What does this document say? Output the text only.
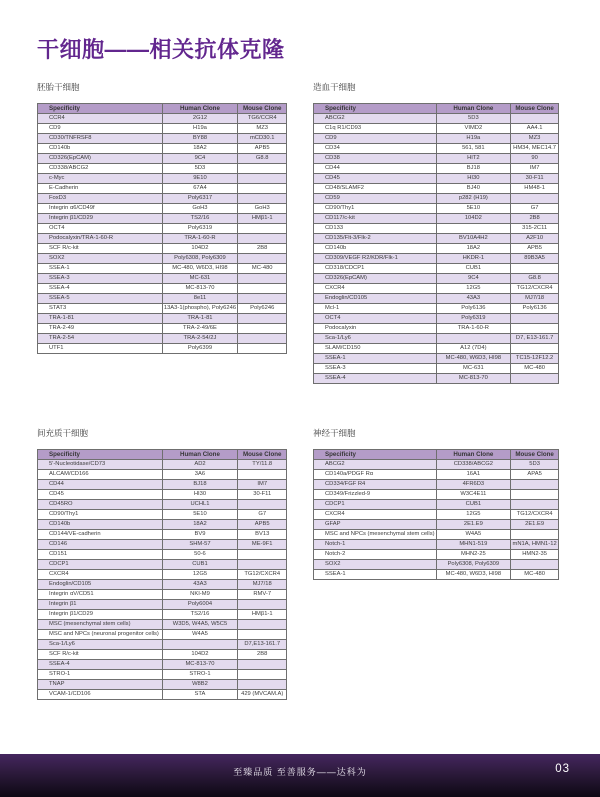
干细胞——相关抗体克隆
胚胎干细胞
Specificity	Human Clone	Mouse Clone
CCR4	2G12	TG6/CCR4
CD9	H19a	MZ3
CD30/TNFRSF8	BY88	mCD30.1
CD140b	18A2	APB5
CD326(EpCAM)	9C4	G8.8
CD338/ABCG2	5D3	
c-Myc	9E10	
E-Cadherin	67A4	
FoxD3	Poly6317	
Integrin α6/CD49f	GoH3	GoH3
Integrin β1/CD29	TS2/16	HMβ1-1
OCT4	Poly6319	
Podocalyxin/TRA-1-60-R	TRA-1-60-R	
SCF R/c-kit	104D2	2B8
SOX2	Poly6308, Poly6309	
SSEA-1	MC-480, W6D3, HI98	MC-480
SSEA-3	MC-631	
SSEA-4	MC-813-70	
SSEA-5	8e11	
STAT3	13A3-1(phospho), Poly6246	Poly6246
TRA-1-81	TRA-1-81	
TRA-2-49	TRA-2-49/6E	
TRA-2-54	TRA-2-54/2J	
UTF1	Poly6399	
造血干细胞
Specificity	Human Clone	Mouse Clone
ABCG2	5D3	
C1q R1/CD93	VIMD2	AA4.1
CD9	H19a	MZ3
CD34	561, 581	HM34, MEC14.7
CD38	HIT2	90
CD44	BJ18	IM7
CD45	HI30	30-F11
CD48/SLAMF2	BJ40	HM48-1
CD59	p282 (H19)	
CD90/Thy1	5E10	G7
CD117/c-kit	104D2	2B8
CD133		315-2C11
CD135/Flt-3/Flk-2	BV10A4H2	A2F10
CD140b	18A2	APB5
CD309/VEGF R2/KDR/Flk-1	HKDR-1	89B3A5
CD318/CDCP1	CUB1	
CD326(EpCAM)	9C4	G8.8
CXCR4	12G5	TG12/CXCR4
Endoglin/CD105	43A3	MJ7/18
Mcl-1	Poly6136	Poly6136
OCT4	Poly6319	
Podocalyxin	TRA-1-60-R	
Sca-1/Ly6		D7, E13-161.7
SLAM/CD150	A12 (7D4)	
SSEA-1	MC-480, W6D3, HI98	TC15-12F12.2
SSEA-3	MC-631	MC-480
SSEA-4	MC-813-70	
间充质干细胞
Specificity	Human Clone	Mouse Clone
5'-Nucleotidase/CD73	AD2	TY/11.8
ALCAM/CD166	3A6	
CD44	BJ18	IM7
CD45	HI30	30-F11
CD45RO	UCHL1	
CD90/Thy1	5E10	G7
CD140b	18A2	APB5
CD144/VE-cadherin	BV9	BV13
CD146	SHM-57	ME-9F1
CD151	50-6	
CDCP1	CUB1	
CXCR4	12G5	TG12/CXCR4
Endoglin/CD105	43A3	MJ7/18
Integrin αV/CD51	NKI-M9	RMV-7
Integrin β1	Poly6004	
Integrin β1/CD29	TS2/16	HMβ1-1
MSC (mesenchymal stem cells)	W3D5, W4A5, W5C5	
MSC and NPCs (neuronal progenitor cells)	W4A5	
Sca-1/Ly6		D7,E13-161.7
SCF R/c-kit	104D2	2B8
SSEA-4	MC-813-70	
STRO-1	STRO-1	
TNAP	W8B2	
VCAM-1/CD106	STA	429 (MVCAM.A)
神经干细胞
Specificity	Human Clone	Mouse Clone
ABCG2	CD338/ABCG2	5D3
CD140a/PDGF Rα	16A1	APA5
CD334/FGF R4	4FR6D3	
CD349/Frizzled-9	W3C4E11	
CDCP1	CUB1	
CXCR4	12G5	TG12/CXCR4
GFAP	2E1.E9	2E1.E9
MSC and NPCs (mesenchymal stem cells)	W4A5	
Notch-1	MHN1-519	mN1A, HMN1-12
Notch-2	MHN2-25	HMN2-35
SOX2	Poly6308, Poly6309	
SSEA-1	MC-480, W6D3, HI98	MC-480
至臻品质 至善服务——达科为	03
